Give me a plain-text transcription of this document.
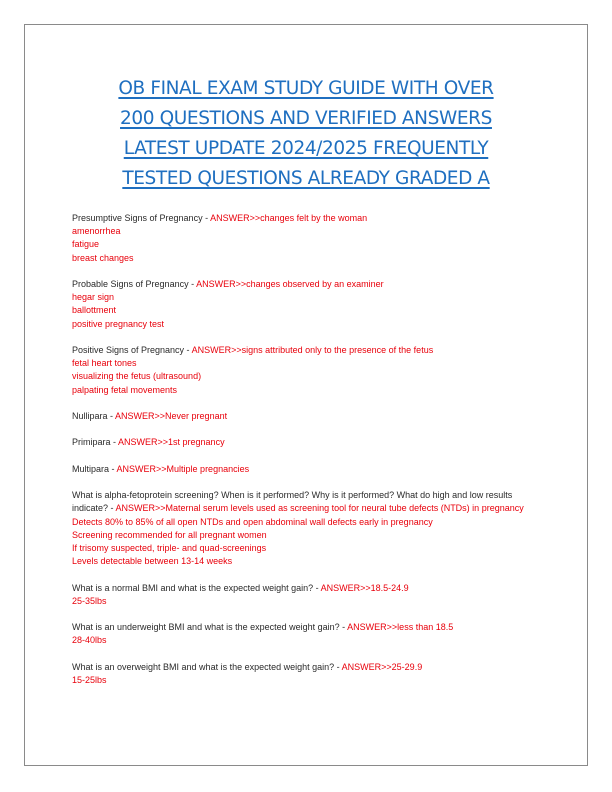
OB FINAL EXAM STUDY GUIDE WITH OVER
200 QUESTIONS AND VERIFIED ANSWERS
LATEST UPDATE 2024/2025 FREQUENTLY
TESTED QUESTIONS ALREADY GRADED A
Presumptive Signs of Pregnancy - ANSWER>>changes felt by the woman
amenorrhea
fatigue
breast changes
Probable Signs of Pregnancy - ANSWER>>changes observed by an examiner
hegar sign
ballottment
positive pregnancy test
Positive Signs of Pregnancy - ANSWER>>signs attributed only to the presence of the fetus
fetal heart tones
visualizing the fetus (ultrasound)
palpating fetal movements
Nullipara - ANSWER>>Never pregnant
Primipara - ANSWER>>1st pregnancy
Multipara - ANSWER>>Multiple pregnancies
What is alpha-fetoprotein screening? When is it performed? Why is it performed? What do high and low results indicate? - ANSWER>>Maternal serum levels used as screening tool for neural tube defects (NTDs) in pregnancy
Detects 80% to 85% of all open NTDs and open abdominal wall defects early in pregnancy
Screening recommended for all pregnant women
If trisomy suspected, triple- and quad-screenings
Levels detectable between 13-14 weeks
What is a normal BMI and what is the expected weight gain? - ANSWER>>18.5-24.9
25-35lbs
What is an underweight BMI and what is the expected weight gain? - ANSWER>>less than 18.5
28-40lbs
What is an overweight BMI and what is the expected weight gain? - ANSWER>>25-29.9
15-25lbs
